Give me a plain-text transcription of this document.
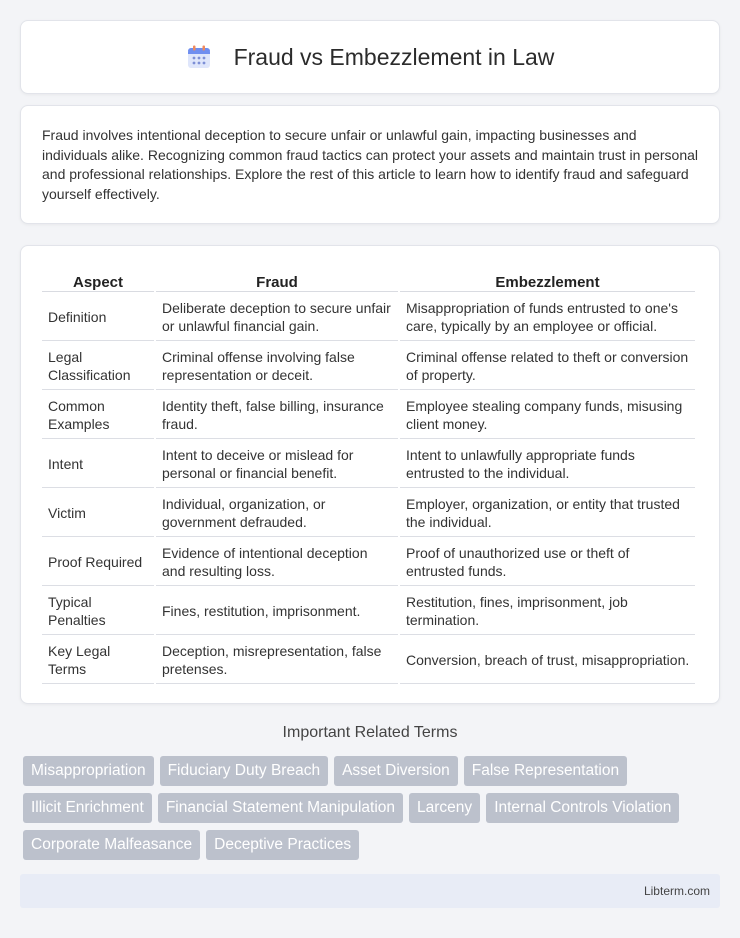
Fraud vs Embezzlement in Law

Fraud involves intentional deception to secure unfair or unlawful gain, impacting businesses and individuals alike. Recognizing common fraud tactics can protect your assets and maintain trust in personal and professional relationships. Explore the rest of this article to learn how to identify fraud and safeguard yourself effectively.

Aspect	Fraud	Embezzlement
Definition	Deliberate deception to secure unfair or unlawful financial gain.	Misappropriation of funds entrusted to one's care, typically by an employee or official.
Legal Classification	Criminal offense involving false representation or deceit.	Criminal offense related to theft or conversion of property.
Common Examples	Identity theft, false billing, insurance fraud.	Employee stealing company funds, misusing client money.
Intent	Intent to deceive or mislead for personal or financial benefit.	Intent to unlawfully appropriate funds entrusted to the individual.
Victim	Individual, organization, or government defrauded.	Employer, organization, or entity that trusted the individual.
Proof Required	Evidence of intentional deception and resulting loss.	Proof of unauthorized use or theft of entrusted funds.
Typical Penalties	Fines, restitution, imprisonment.	Restitution, fines, imprisonment, job termination.
Key Legal Terms	Deception, misrepresentation, false pretenses.	Conversion, breach of trust, misappropriation.
Important Related Terms
Misappropriation	Fiduciary Duty Breach	Asset Diversion	False Representation
Illicit Enrichment	Financial Statement Manipulation	Larceny	Internal Controls Violation
Corporate Malfeasance	Deceptive Practices
Libterm.com
